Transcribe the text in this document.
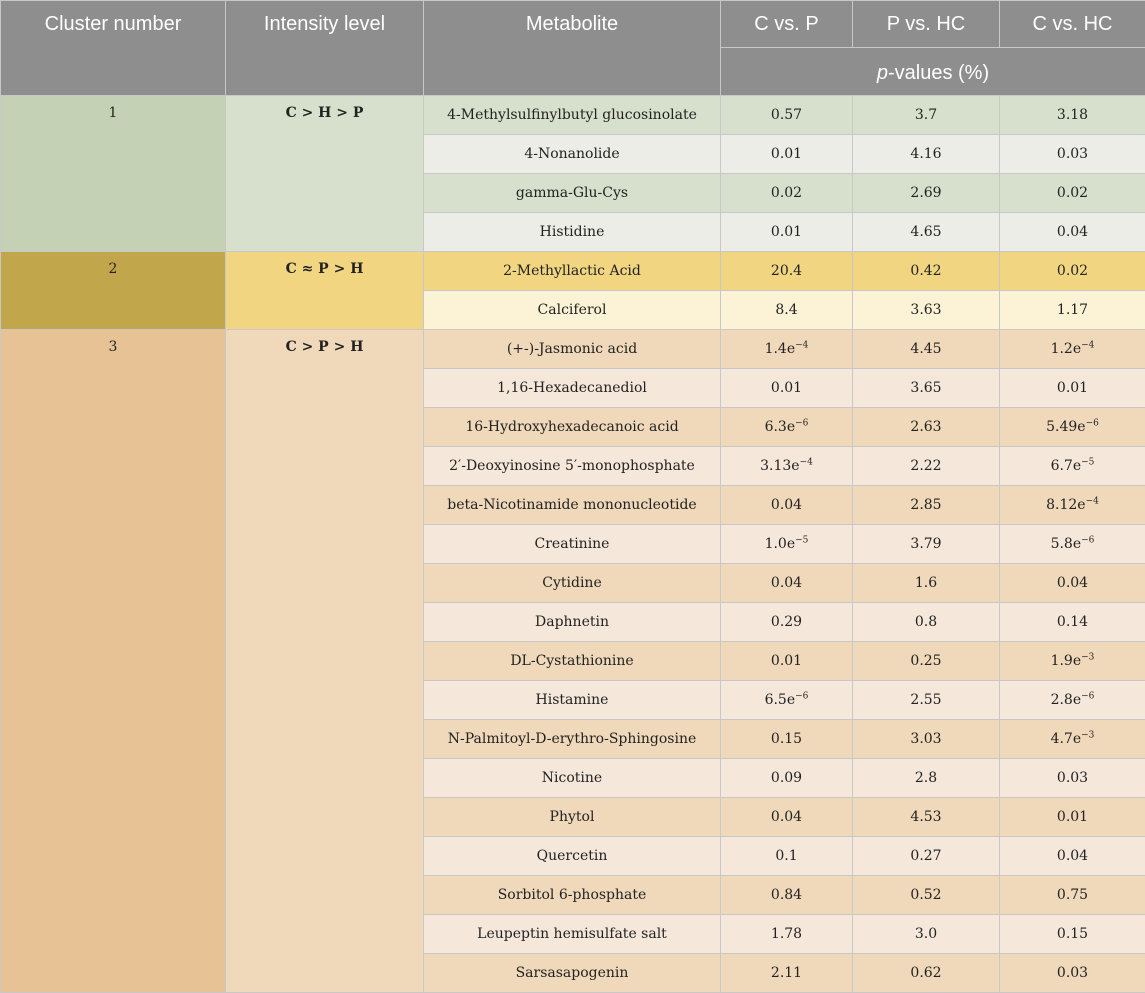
Cluster number	Intensity level	Metabolite	C vs. P	P vs. HC	C vs. HC
			p-values (%)		
1	C > H > P	4-Methylsulfinylbutyl glucosinolate	0.57	3.7	3.18
		4-Nonanolide	0.01	4.16	0.03
		gamma-Glu-Cys	0.02	2.69	0.02
		Histidine	0.01	4.65	0.04
2	C ≈ P > H	2-Methyllactic Acid	20.4	0.42	0.02
		Calciferol	8.4	3.63	1.17
3	C > P > H	(+-)-Jasmonic acid	$1.4e^{-4}$	4.45	$1.2e^{-4}$
		1,16-Hexadecanediol	0.01	3.65	0.01
		16-Hydroxyhexadecanoic acid	$6.3e^{-6}$	2.63	$5.49e^{-6}$
		2′-Deoxyinosine 5′-monophosphate	$3.13e^{-4}$	2.22	$6.7e^{-5}$
		beta-Nicotinamide mononucleotide	0.04	2.85	$8.12e^{-4}$
		Creatinine	$1.0e^{-5}$	3.79	$5.8e^{-6}$
		Cytidine	0.04	1.6	0.04
		Daphnetin	0.29	0.8	0.14
		DL-Cystathionine	0.01	0.25	$1.9e^{-3}$
		Histamine	$6.5e^{-6}$	2.55	$2.8e^{-6}$
		N-Palmitoyl-D-erythro-Sphingosine	0.15	3.03	$4.7e^{-3}$
		Nicotine	0.09	2.8	0.03
		Phytol	0.04	4.53	0.01
		Quercetin	0.1	0.27	0.04
		Sorbitol 6-phosphate	0.84	0.52	0.75
		Leupeptin hemisulfate salt	1.78	3.0	0.15
		Sarsasapogenin	2.11	0.62	0.03
